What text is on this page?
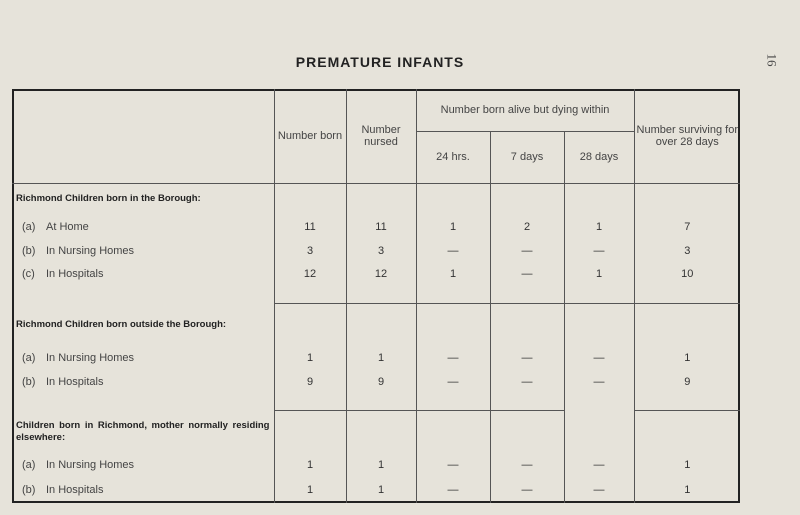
16
PREMATURE INFANTS
	Number born	Number nursed	Number born alive but dying within			Number surviving for over 28 days
			24 hrs.	7 days	28 days	
Richmond Children born in the Borough:						
(a) At Home	11	11	1	2	1	7
(b) In Nursing Homes	3	3	—	—	—	3
(c) In Hospitals	12	12	1	—	1	10

Richmond Children born outside the Borough:						
(a) In Nursing Homes	1	1	—	—	—	1
(b) In Hospitals	9	9	—	—	—	9

Children born in Richmond, mother normally residing elsewhere:						
(a) In Nursing Homes	1	1	—	—	—	1
(b) In Hospitals	1	1	—	—	—	1
